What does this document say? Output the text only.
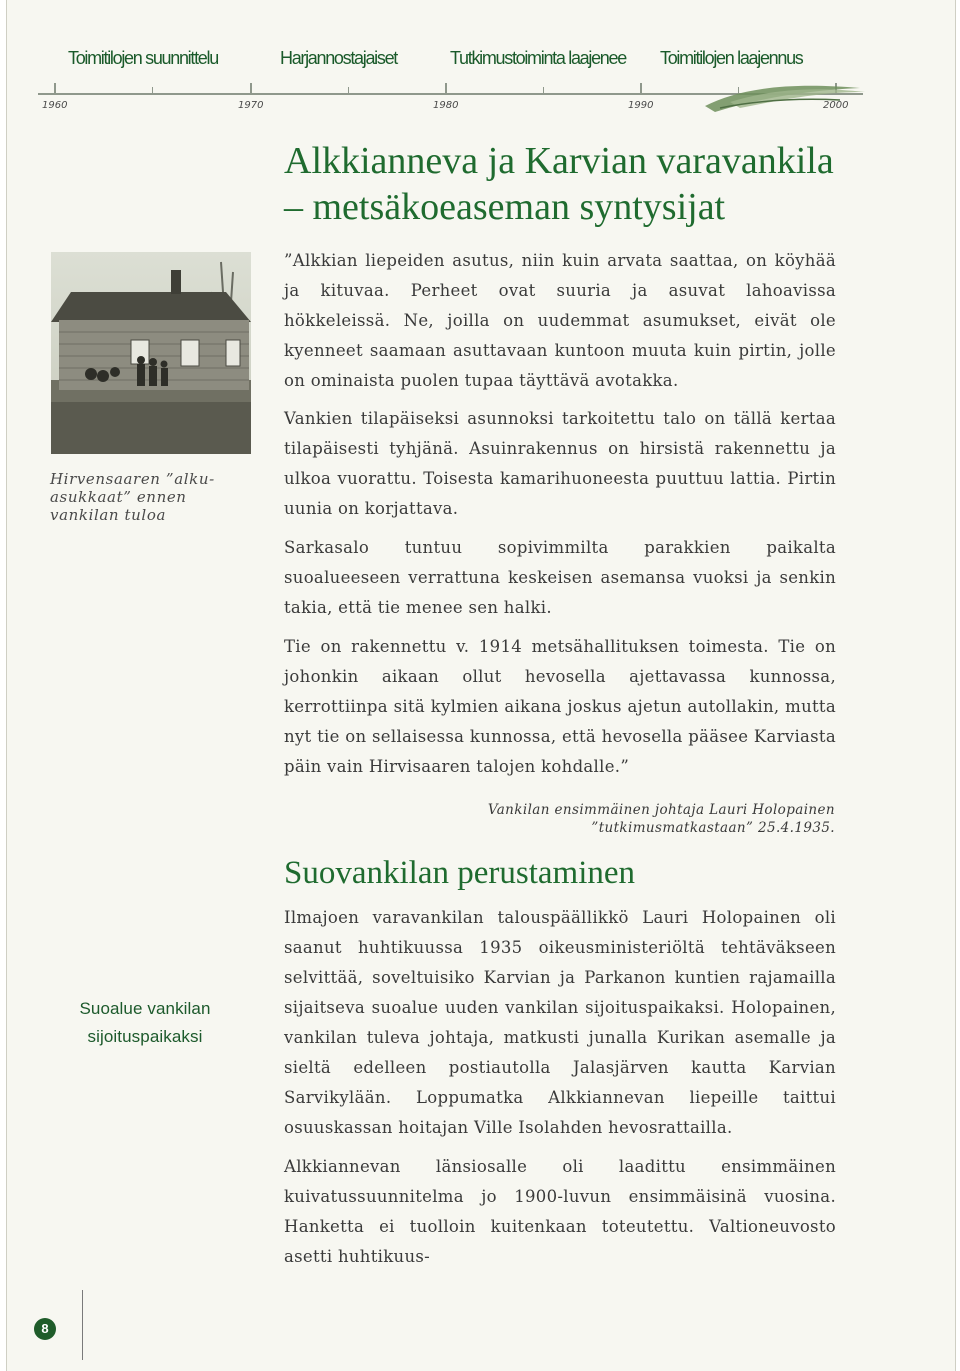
Toimitilojen suunnittelu	Harjannostajaiset	Tutkimustoiminta laajenee Toimitilojen laajennus
1960	1970	1980	1990	2000
Alkkianneva ja Karvian varavankila
– metsäkoeaseman syntysijat
Hirvensaaren ”alku-asukkaat” ennen vankilan tuloa

”Alkkian liepeiden asutus, niin kuin arvata saattaa, on köyhää ja kituvaa. Perheet ovat suuria ja asuvat lahoavissa hökkeleissä. Ne, joilla on uudemmat asumukset, eivät ole kyenneet saamaan asuttavaan kuntoon muuta kuin pirtin, jolle on ominaista puolen tupaa täyttävä avotakka.

Vankien tilapäiseksi asunnoksi tarkoitettu talo on tällä kertaa tilapäisesti tyhjänä. Asuinrakennus on hirsistä rakennettu ja ulkoa vuorattu. Toisesta kamarihuoneesta puuttuu lattia. Pirtin uunia on korjattava.

Sarkasalo tuntuu sopivimmilta parakkien paikalta suoalueeseen verrattuna keskeisen asemansa vuoksi ja senkin takia, että tie menee sen halki.

Tie on rakennettu v. 1914 metsähallituksen toimesta. Tie on johonkin aikaan ollut hevosella ajettavassa kunnossa, kerrottiinpa sitä kylmien aikana joskus ajetun autollakin, mutta nyt tie on sellaisessa kunnossa, että hevosella pääsee Karviasta päin vain Hirvisaaren talojen kohdalle.”

Vankilan ensimmäinen johtaja Lauri Holopainen
”tutkimusmatkastaan” 25.4.1935.
Suovankilan perustaminen
Suoalue vankilan
sijoituspaikaksi

Ilmajoen varavankilan talouspäällikkö Lauri Holopainen oli saanut huhtikuussa 1935 oikeusministeriöltä tehtäväkseen selvittää, soveltuisiko Karvian ja Parkanon kuntien rajamailla sijaitseva suoalue uuden vankilan sijoituspaikaksi. Holopainen, vankilan tuleva johtaja, matkusti junalla Kurikan asemalle ja sieltä edelleen postiautolla Jalasjärven kautta Karvian Sarvikylään. Loppumatka Alkkiannevan liepeille taittui osuuskassan hoitajan Ville Isolahden hevosrattailla.

Alkkiannevan länsiosalle oli laadittu ensimmäinen kuivatussuunnitelma jo 1900-luvun ensimmäisinä vuosina. Hanketta ei tuolloin kuitenkaan toteutettu. Valtioneuvosto asetti huhtikuus-

8
